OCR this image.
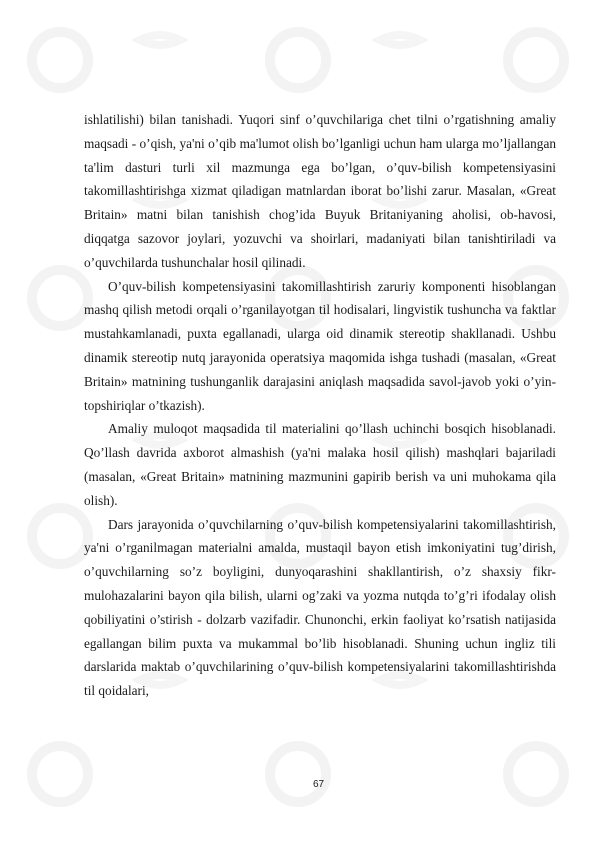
ishlatilishi) bilan tanishadi. Yuqori sinf o’quvchilariga chet tilni o’rgatishning amaliy maqsadi - o’qish, ya'ni o’qib ma'lumot olish bo’lganligi uchun ham ularga mo’ljallangan ta'lim dasturi turli xil mazmunga ega bo’lgan, o’quv-bilish kompetensiyasini takomillashtirishga xizmat qiladigan matnlardan iborat bo’lishi zarur. Masalan, «Great Britain» matni bilan tanishish chog’ida Buyuk Britaniyaning aholisi, ob-havosi, diqqatga sazovor joylari, yozuvchi va shoirlari, madaniyati bilan tanishtiriladi va o’quvchilarda tushunchalar hosil qilinadi.

O’quv-bilish kompetensiyasini takomillashtirish zaruriy komponenti hisoblangan mashq qilish metodi orqali o’rganilayotgan til hodisalari, lingvistik tushuncha va faktlar mustahkamlanadi, puxta egallanadi, ularga oid dinamik stereotip shakllanadi. Ushbu dinamik stereotip nutq jarayonida operatsiya maqomida ishga tushadi (masalan, «Great Britain» matnining tushunganlik darajasini aniqlash maqsadida savol-javob yoki o’yin- topshiriqlar o’tkazish).

Amaliy muloqot maqsadida til materialini qo’llash uchinchi bosqich hisoblanadi. Qo’llash davrida axborot almashish (ya'ni malaka hosil qilish) mashqlari bajariladi (masalan, «Great Britain» matnining mazmunini gapirib berish va uni muhokama qila olish).

Dars jarayonida o’quvchilarning o’quv-bilish kompetensiyalarini takomillashtirish, ya'ni o’rganilmagan materialni amalda, mustaqil bayon etish imkoniyatini tug’dirish, o’quvchilarning so’z boyligini, dunyoqarashini shakllantirish, o’z shaxsiy fikr-mulohazalarini bayon qila bilish, ularni og’zaki va yozma nutqda to’g’ri ifodalay olish qobiliyatini o’stirish - dolzarb vazifadir. Chunonchi, erkin faoliyat ko’rsatish natijasida egallangan bilim puxta va mukammal bo’lib hisoblanadi. Shuning uchun ingliz tili darslarida maktab o’quvchilarining o’quv-bilish kompetensiyalarini takomillashtirishda til qoidalari,

67
